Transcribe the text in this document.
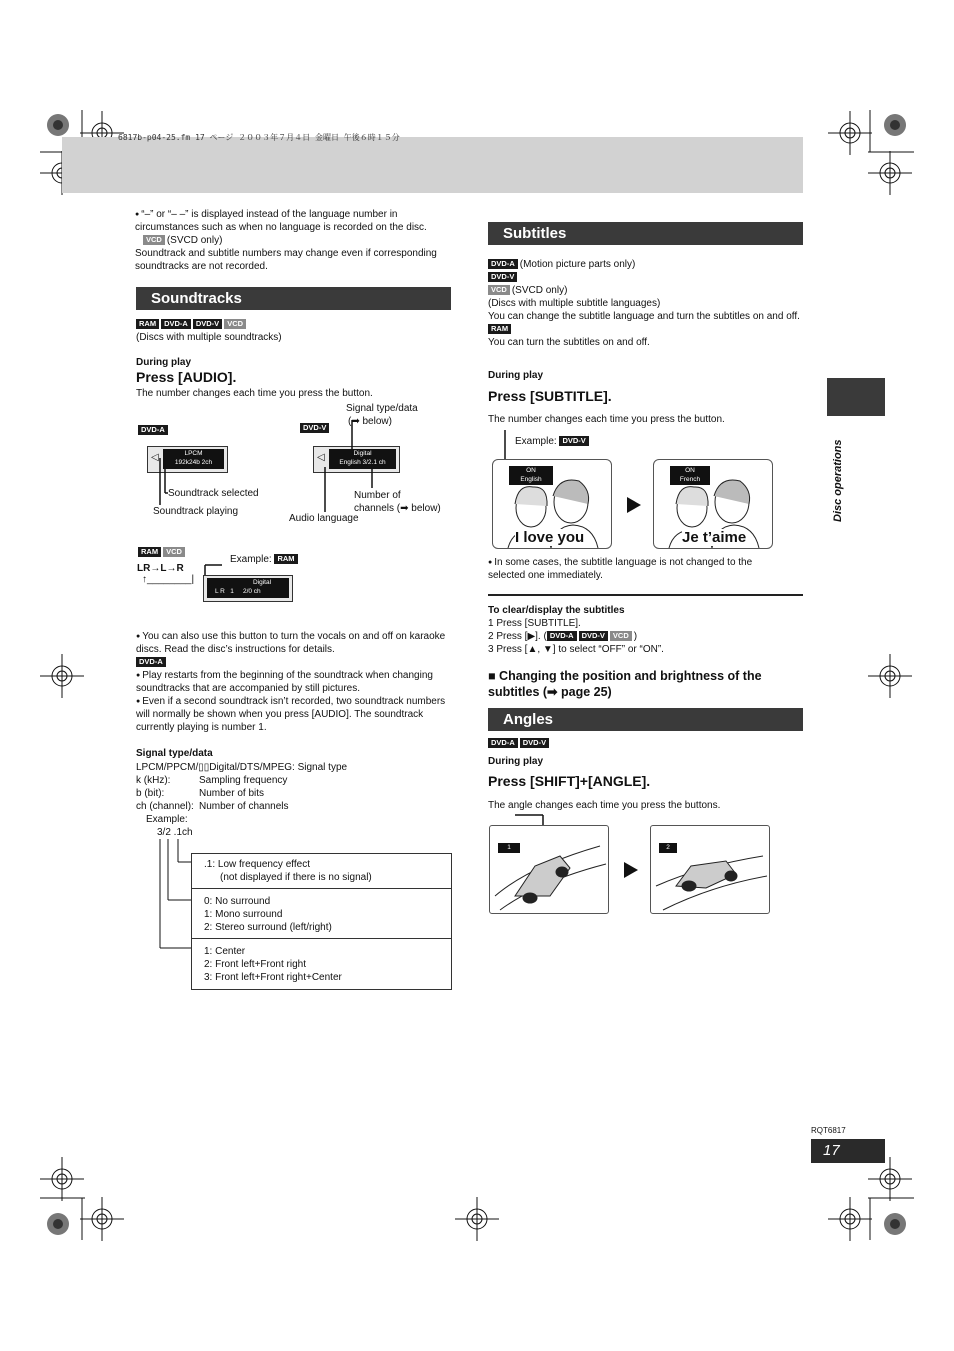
6817b-p04-25.fm 17 ページ ２００３年７月４日 金曜日 午後６時１５分
● “–” or “– –” is displayed instead of the language number in circumstances such as when no language is recorded on the disc.
VCD (SVCD only)
Soundtrack and subtitle numbers may change even if corresponding soundtracks are not recorded.
Soundtracks
RAM DVD-A DVD-V VCD
(Discs with multiple soundtracks)
During play
Press [AUDIO].
The number changes each time you press the button.
Signal type/data
(➡ below)
DVD-A	DVD-V
LPCM
192k24b 2ch
◁	Digital
English 3/2.1 ch
◁
Soundtrack selected
Soundtrack playing
Audio language
Number of
channels (➡ below)
RAM VCD
Example: RAM
LR→L→R
↑________|	Digital
L R 1 2/0 ch
● You can also use this button to turn the vocals on and off on karaoke discs. Read the disc’s instructions for details.
DVD-A
● Play restarts from the beginning of the soundtrack when changing soundtracks that are accompanied by still pictures.
● Even if a second soundtrack isn’t recorded, two soundtrack numbers will normally be shown when you press [AUDIO]. The soundtrack currently playing is number 1.
Signal type/data
LPCM/PPCM/▯▯Digital/DTS/MPEG: Signal type
k (kHz):	Sampling frequency
b (bit):	Number of bits
ch (channel): Number of channels
Example:
3/2 .1ch
.1: Low frequency effect
(not displayed if there is no signal)
0: No surround
1: Mono surround
2: Stereo surround (left/right)
1: Center
2: Front left+Front right
3: Front left+Front right+Center
Subtitles
DVD-A (Motion picture parts only)
DVD-V
VCD (SVCD only)
(Discs with multiple subtitle languages)
You can change the subtitle language and turn the subtitles on and off.
RAM
You can turn the subtitles on and off.
During play
Press [SUBTITLE].
The number changes each time you press the button.
Example: DVD-V
ON
English
I love you
ON
French
Je t’aime
● In some cases, the subtitle language is not changed to the selected one immediately.
To clear/display the subtitles
1 Press [SUBTITLE].
2 Press [▶]. ( DVD-A DVD-V VCD )
3 Press [▲, ▼] to select “OFF” or “ON”.
■ Changing the position and brightness of the subtitles (➡ page 25)
Angles
DVD-A DVD-V
During play
Press [SHIFT]+[ANGLE].
The angle changes each time you press the buttons.
1	2
Disc operations
RQT6817
17
